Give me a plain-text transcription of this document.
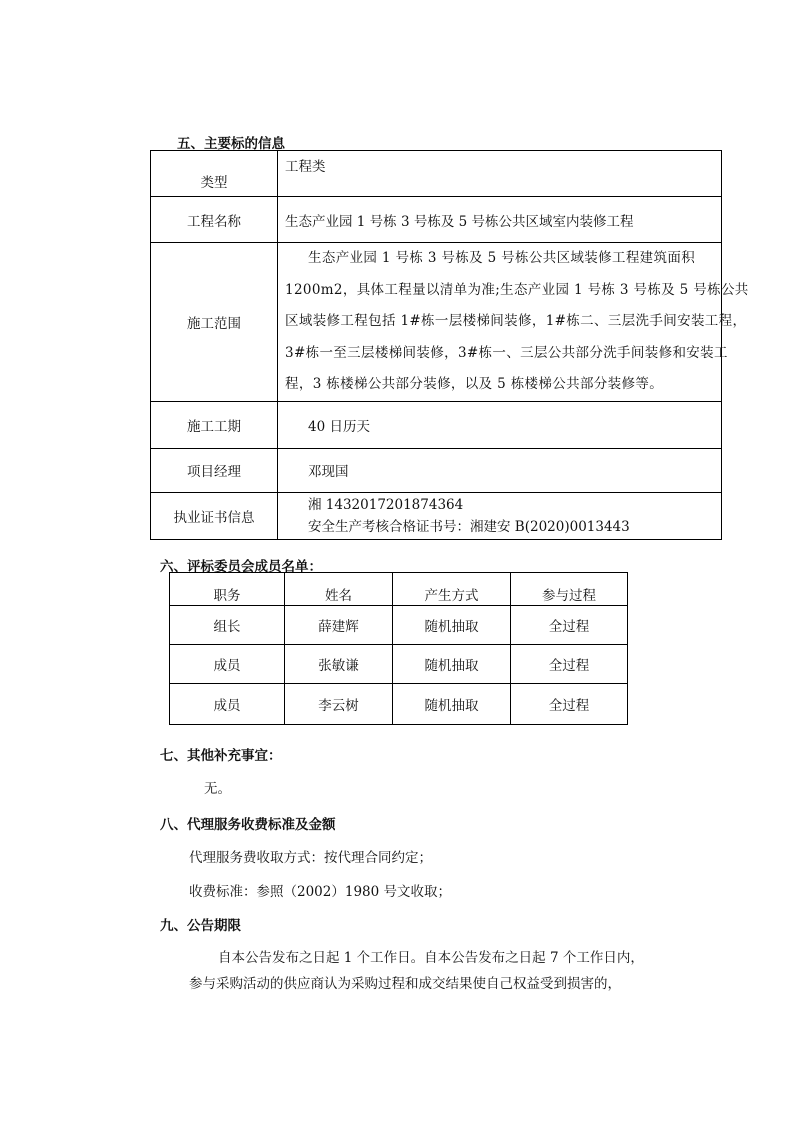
五、主要标的信息
类型	工程类
工程名称	生态产业园 1 号栋 3 号栋及 5 号栋公共区域室内装修工程
施工范围	生态产业园 1 号栋 3 号栋及 5 号栋公共区域装修工程建筑面积
1200m2，具体工程量以清单为准;生态产业园 1 号栋 3 号栋及 5 号栋公共
区域装修工程包括 1#栋一层楼梯间装修，1#栋二、三层洗手间安装工程，
3#栋一至三层楼梯间装修，3#栋一、三层公共部分洗手间装修和安装工
程，3 栋楼梯公共部分装修，以及 5 栋楼梯公共部分装修等。

施工工期	40 日历天
项目经理	邓现国
执业证书信息	湘 1432017201874364
安全生产考核合格证书号：湘建安 B(2020)0013443
六、评标委员会成员名单：
职务	姓名	产生方式	参与过程
组长	薛建辉	随机抽取	全过程
成员	张敏谦	随机抽取	全过程
成员	李云树	随机抽取	全过程
七、其他补充事宜：
无。
八、代理服务收费标准及金额
代理服务费收取方式：按代理合同约定；
收费标准：参照（2002）1980 号文收取；
九、公告期限
自本公告发布之日起 1 个工作日。自本公告发布之日起 7 个工作日内，
参与采购活动的供应商认为采购过程和成交结果使自己权益受到损害的，
